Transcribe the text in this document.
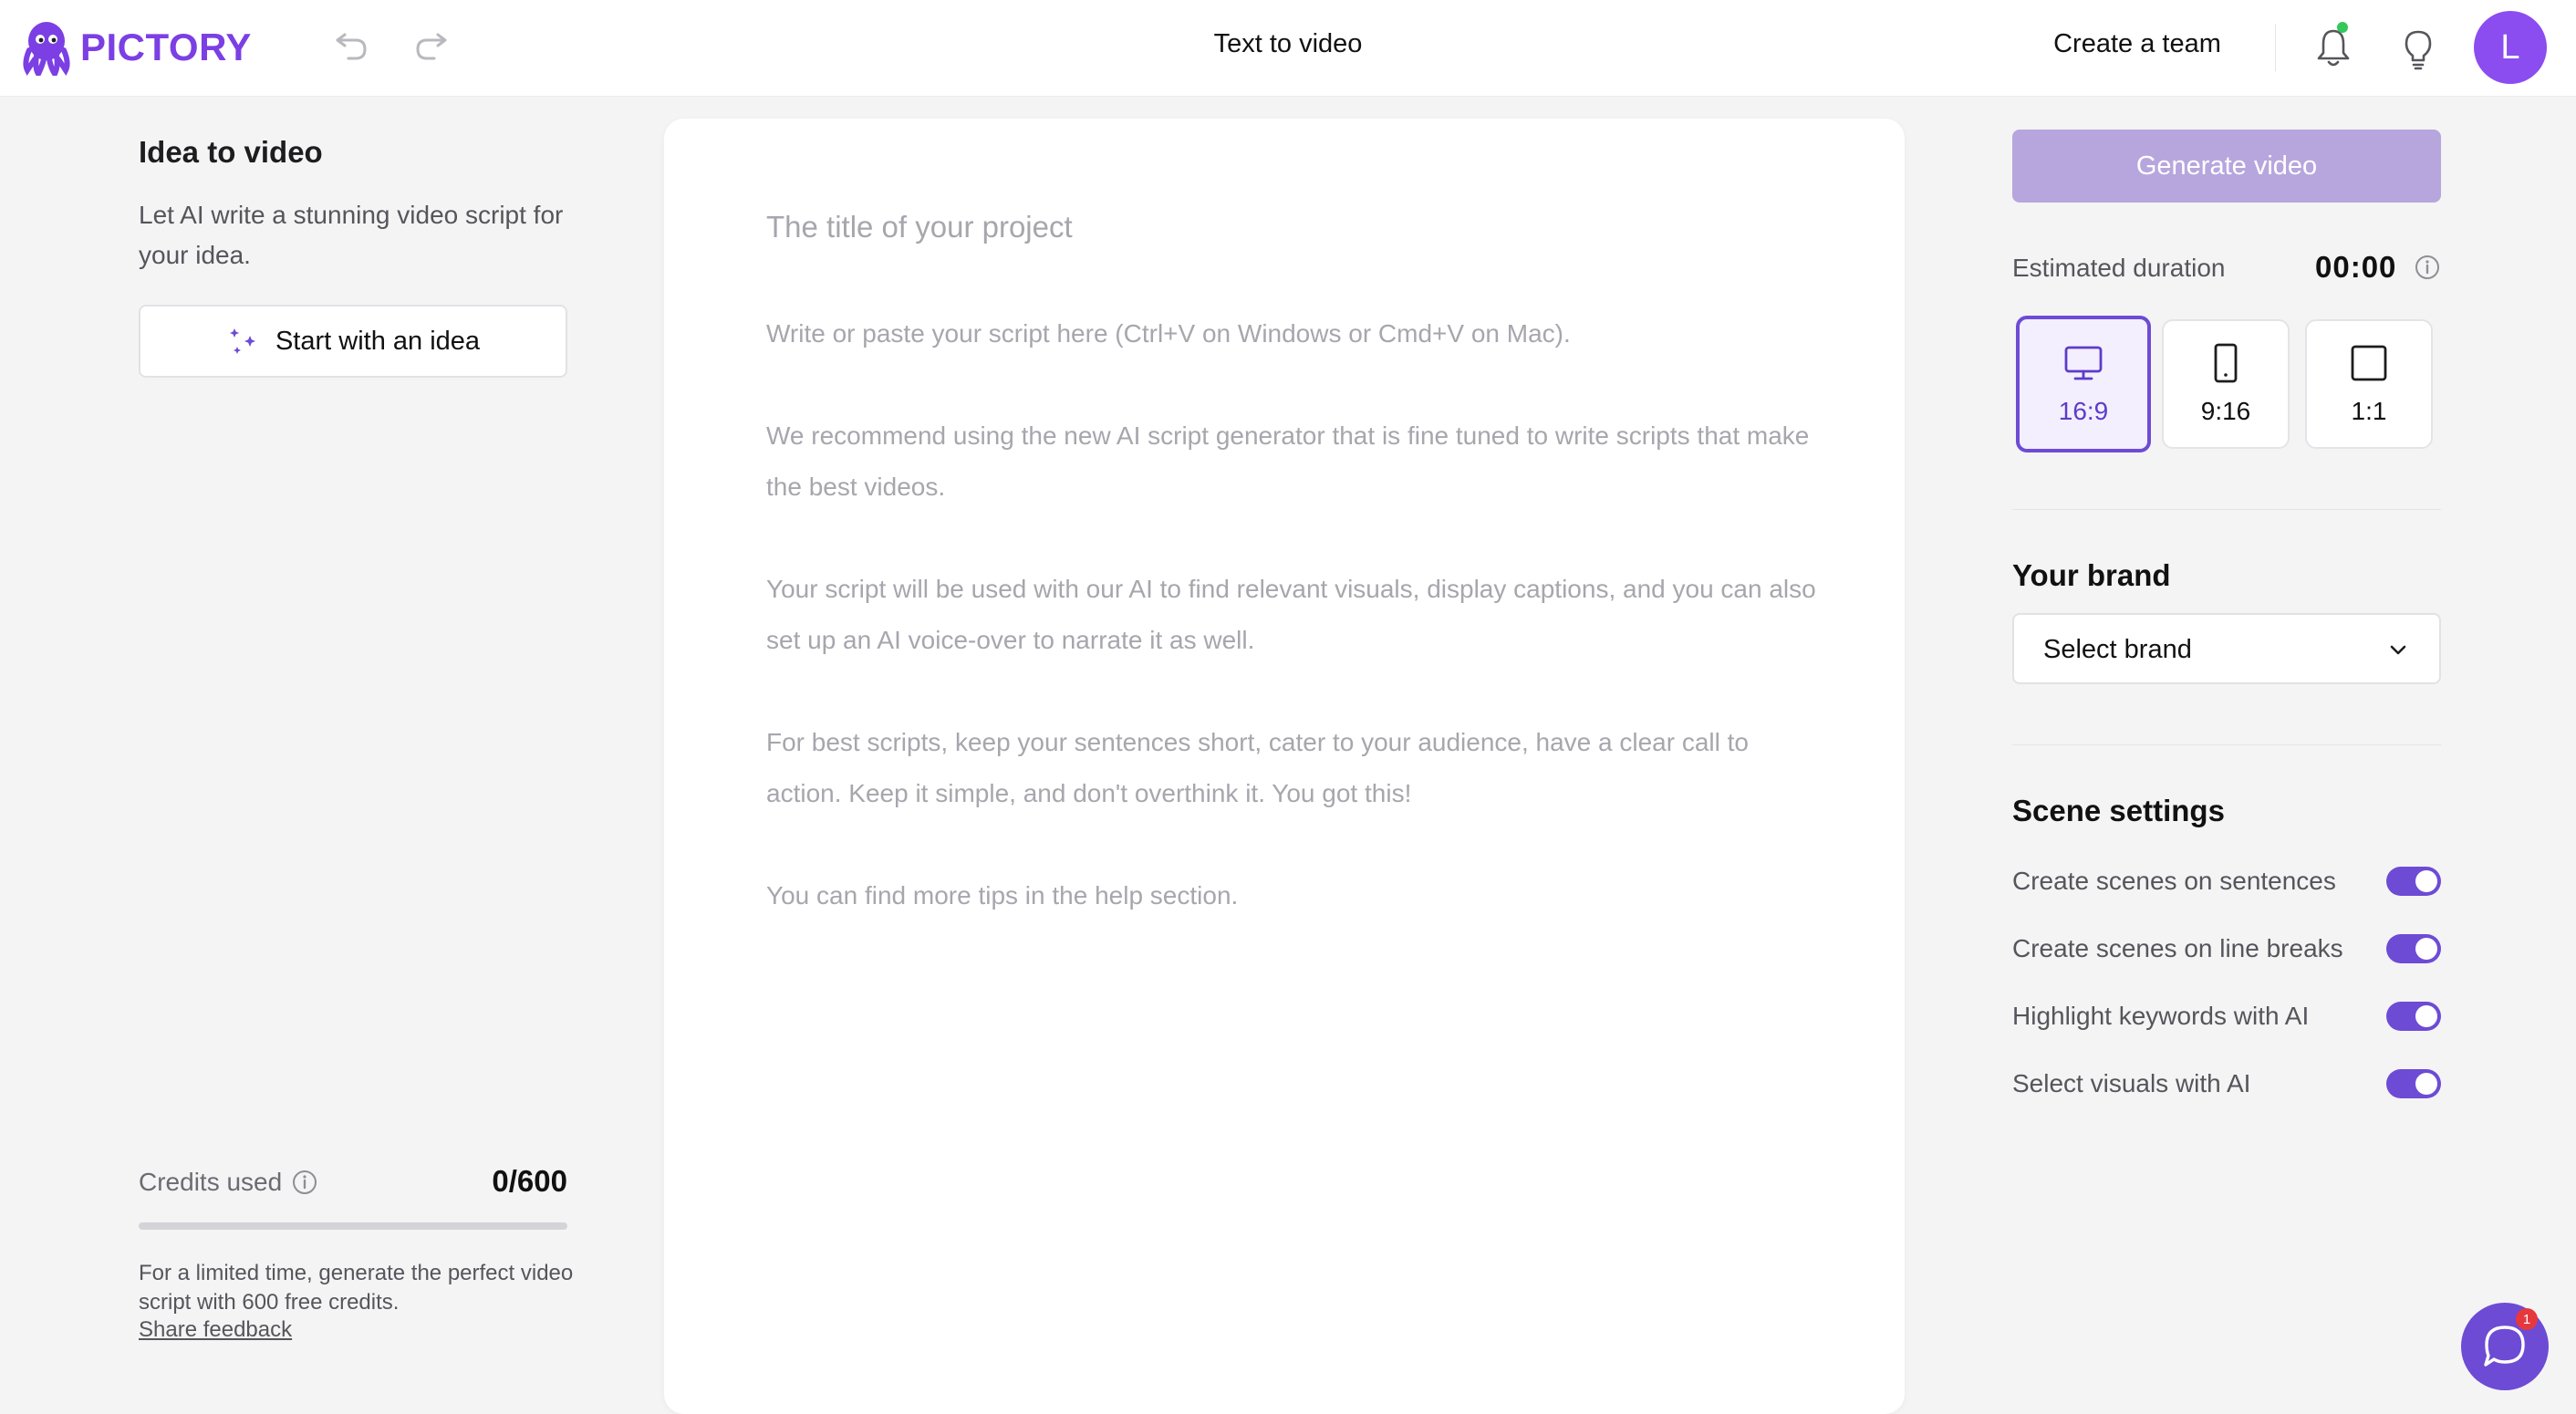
PICTORY	Text to video	Create a team	L
Idea to video
Let AI write a stunning video script for your idea.
Start with an idea
Credits used	0/600
For a limited time, generate the perfect video script with 600 free credits.
Share feedback
The title of your project

Write or paste your script here (Ctrl+V on Windows or Cmd+V on Mac).

We recommend using the new AI script generator that is fine tuned to write scripts that make the best videos.

Your script will be used with our AI to find relevant visuals, display captions, and you can also set up an AI voice-over to narrate it as well.

For best scripts, keep your sentences short, cater to your audience, have a clear call to action. Keep it simple, and don't overthink it. You got this!

You can find more tips in the help section.

Generate video
Estimated duration	00:00
16:9	9:16	1:1
Your brand
Select brand
Scene settings
Create scenes on sentences
Create scenes on line breaks
Highlight keywords with AI
Select visuals with AI
1
